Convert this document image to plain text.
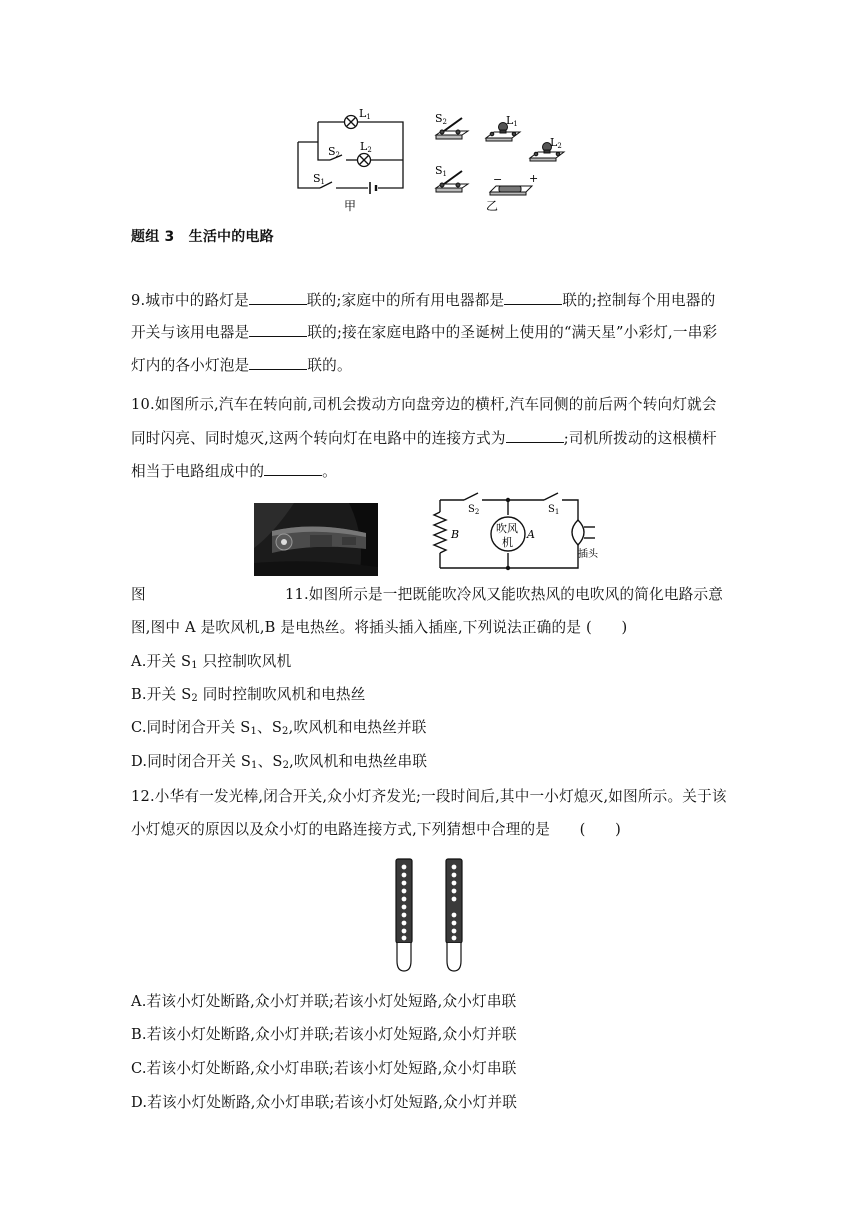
L1
L2
S2
S1
甲
S2	L1
L2
S1	− +
乙
题组 3　生活中的电路
9.城市中的路灯是	联的;家庭中的所有用电器都是	联的;控制每个用电器的
开关与该用电器是	联的;接在家庭电路中的圣诞树上使用的“满天星”小彩灯,一串彩
灯内的各小灯泡是	联的。
10.如图所示,汽车在转向前,司机会拨动方向盘旁边的横杆,汽车同侧的前后两个转向灯就会
同时闪亮、同时熄灭,这两个转向灯在电路中的连接方式为	;司机所拨动的这根横杆
相当于电路组成中的	。
$S_2$	$S_1$
B	A
吹风
机
插头
图	11.如图所示是一把既能吹冷风又能吹热风的电吹风的简化电路示意
图,图中 A 是吹风机,B 是电热丝。将插头插入插座,下列说法正确的是 (　　)
A.开关 $S_1$ 只控制吹风机
B.开关 $S_2$ 同时控制吹风机和电热丝
C.同时闭合开关 $S_1$、$S_2$,吹风机和电热丝并联
D.同时闭合开关 $S_1$、$S_2$,吹风机和电热丝串联
12.小华有一发光棒,闭合开关,众小灯齐发光;一段时间后,其中一小灯熄灭,如图所示。关于该
小灯熄灭的原因以及众小灯的电路连接方式,下列猜想中合理的是　　(　　)
A.若该小灯处断路,众小灯并联;若该小灯处短路,众小灯串联
B.若该小灯处断路,众小灯并联;若该小灯处短路,众小灯并联
C.若该小灯处断路,众小灯串联;若该小灯处短路,众小灯串联
D.若该小灯处断路,众小灯串联;若该小灯处短路,众小灯并联
